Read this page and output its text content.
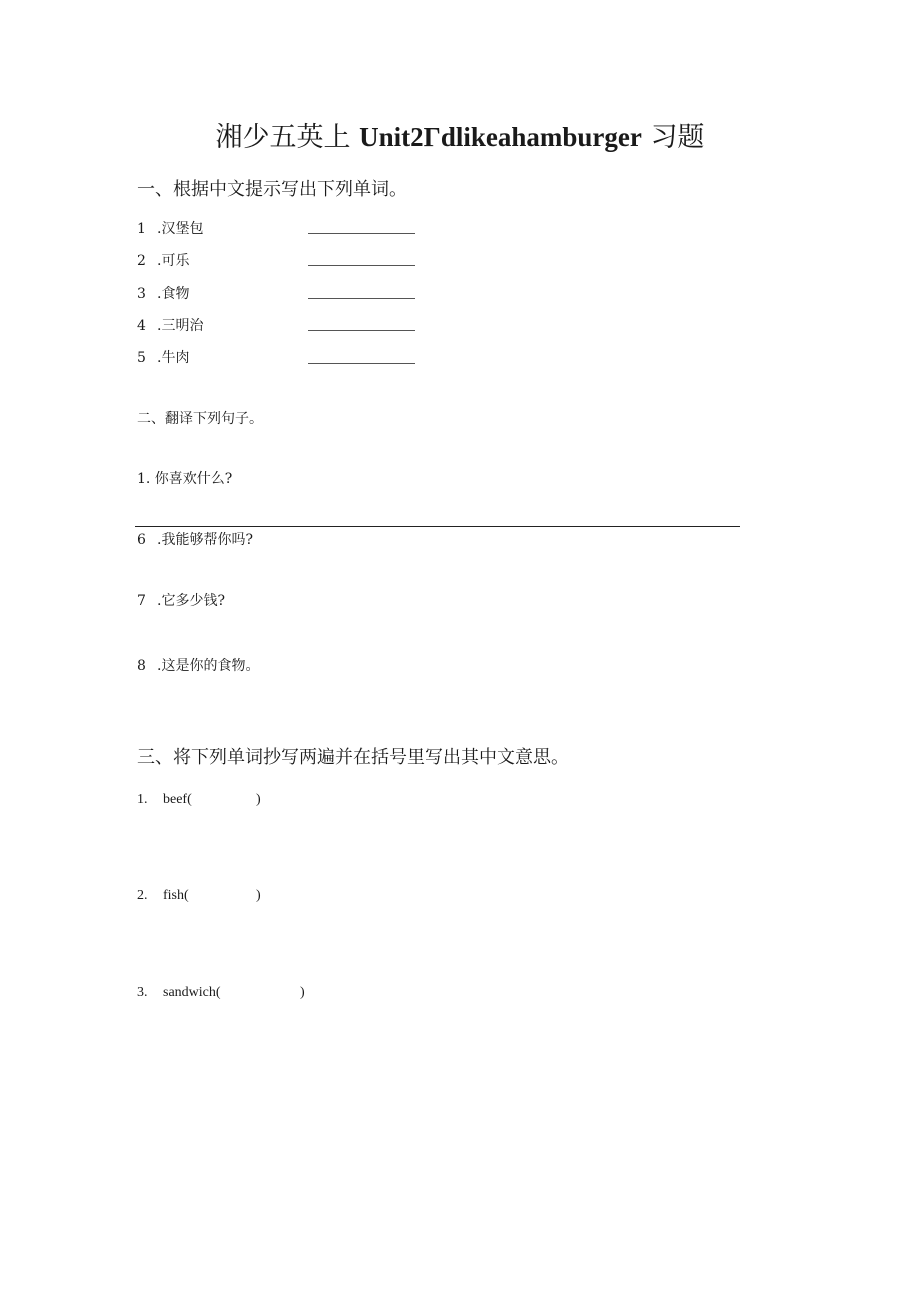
湘少五英上 Unit2Γdlikeahamburger 习题
一、根据中文提示写出下列单词。
1 .汉堡包
2 .可乐
3 .食物
4 .三明治
5 .牛肉
二、翻译下列句子。
1. 你喜欢什么?
6 .我能够帮你吗?
7 .它多少钱?
8 .这是你的食物。
三、将下列单词抄写两遍并在括号里写出其中文意思。
1. beef(	)
2. fish(	)
3. sandwich(	)
